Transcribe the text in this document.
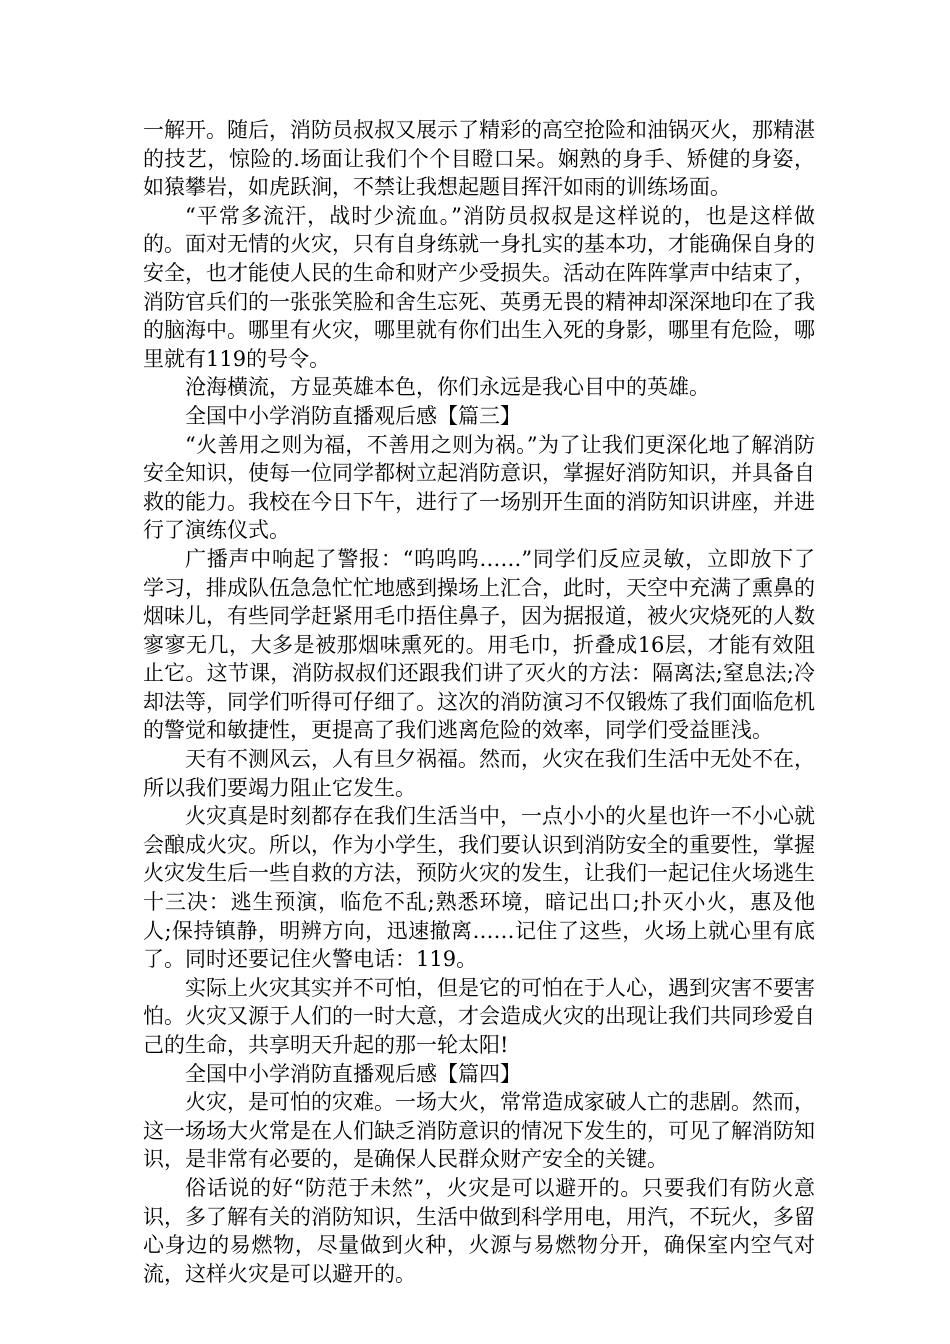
一解开。随后，消防员叔叔又展示了精彩的高空抢险和油锅灭火，那精湛的技艺，惊险的.场面让我们个个目瞪口呆。娴熟的身手、矫健的身姿，如猿攀岩，如虎跃涧，不禁让我想起题目挥汗如雨的训练场面。

“平常多流汗，战时少流血。”消防员叔叔是这样说的，也是这样做的。面对无情的火灾，只有自身练就一身扎实的基本功，才能确保自身的安全，也才能使人民的生命和财产少受损失。活动在阵阵掌声中结束了，消防官兵们的一张张笑脸和舍生忘死、英勇无畏的精神却深深地印在了我的脑海中。哪里有火灾，哪里就有你们出生入死的身影，哪里有危险，哪里就有119的号令。

沧海横流，方显英雄本色，你们永远是我心目中的英雄。

全国中小学消防直播观后感【篇三】

“火善用之则为福，不善用之则为祸。”为了让我们更深化地了解消防安全知识，使每一位同学都树立起消防意识，掌握好消防知识，并具备自救的能力。我校在今日下午，进行了一场别开生面的消防知识讲座，并进行了演练仪式。

广播声中响起了警报：“呜呜呜……”同学们反应灵敏，立即放下了学习，排成队伍急急忙忙地感到操场上汇合，此时，天空中充满了熏鼻的烟味儿，有些同学赶紧用毛巾捂住鼻子，因为据报道，被火灾烧死的人数寥寥无几，大多是被那烟味熏死的。用毛巾，折叠成16层，才能有效阻止它。这节课，消防叔叔们还跟我们讲了灭火的方法：隔离法;窒息法;冷却法等，同学们听得可仔细了。这次的消防演习不仅锻炼了我们面临危机的警觉和敏捷性，更提高了我们逃离危险的效率，同学们受益匪浅。

天有不测风云，人有旦夕祸福。然而，火灾在我们生活中无处不在，所以我们要竭力阻止它发生。

火灾真是时刻都存在我们生活当中，一点小小的火星也许一不小心就会酿成火灾。所以，作为小学生，我们要认识到消防安全的重要性，掌握火灾发生后一些自救的方法，预防火灾的发生，让我们一起记住火场逃生十三决：逃生预演，临危不乱;熟悉环境，暗记出口;扑灭小火，惠及他人;保持镇静，明辨方向，迅速撤离……记住了这些，火场上就心里有底了。同时还要记住火警电话：119。

实际上火灾其实并不可怕，但是它的可怕在于人心，遇到灾害不要害怕。火灾又源于人们的一时大意，才会造成火灾的出现让我们共同珍爱自己的生命，共享明天升起的那一轮太阳!

全国中小学消防直播观后感【篇四】

火灾，是可怕的灾难。一场大火，常常造成家破人亡的悲剧。然而，这一场场大火常是在人们缺乏消防意识的情况下发生的，可见了解消防知识，是非常有必要的，是确保人民群众财产安全的关键。

俗话说的好“防范于未然”，火灾是可以避开的。只要我们有防火意识，多了解有关的消防知识，生活中做到科学用电，用汽，不玩火，多留心身边的易燃物，尽量做到火种，火源与易燃物分开，确保室内空气对流，这样火灾是可以避开的。
